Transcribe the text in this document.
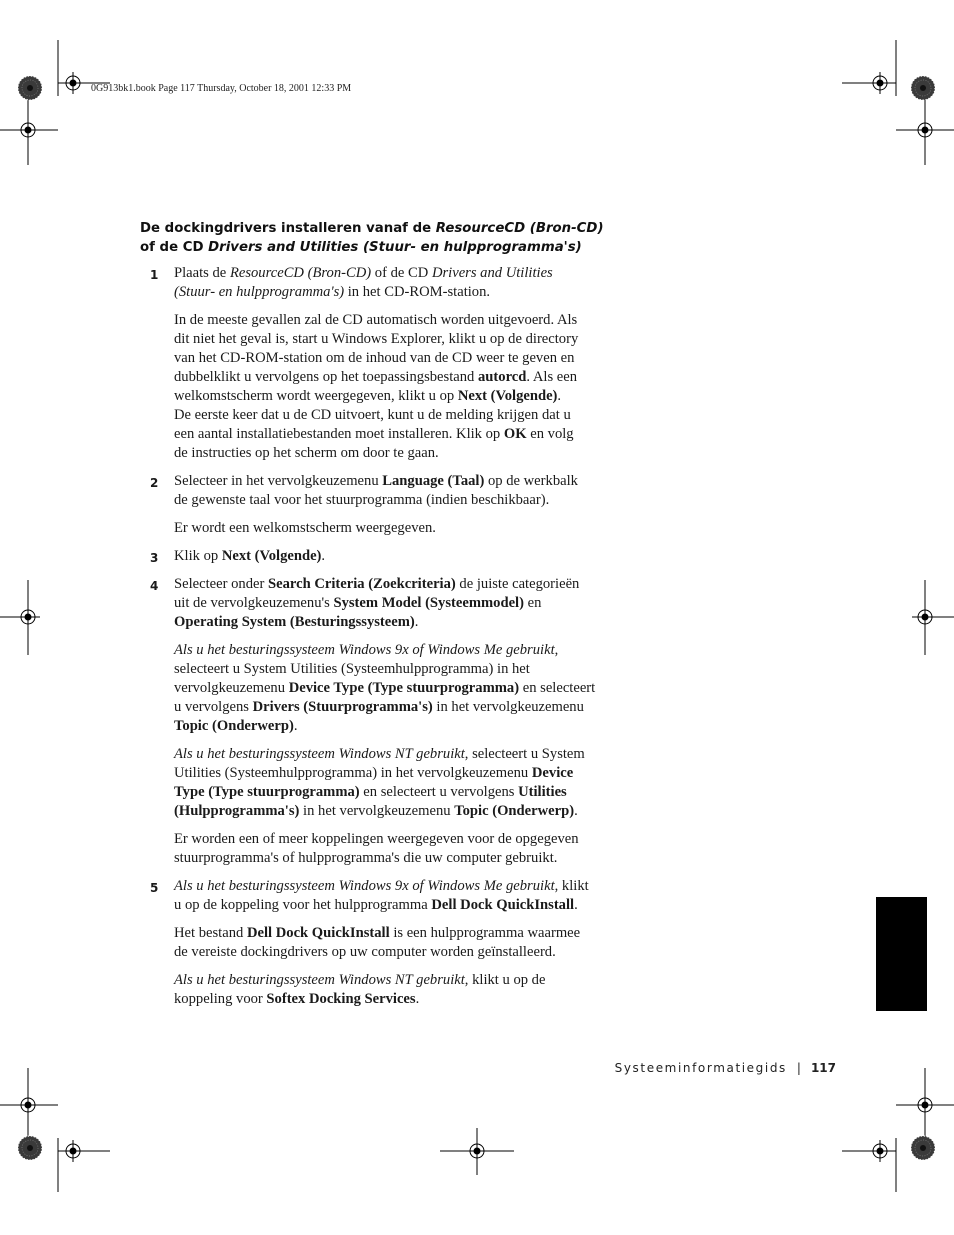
0G913bk1.book Page 117 Thursday, October 18, 2001 12:33 PM
De dockingdrivers installeren vanaf de ResourceCD (Bron-CD)
of de CD Drivers and Utilities (Stuur- en hulpprogramma's)
1 Plaats de ResourceCD (Bron-CD) of de CD Drivers and Utilities
(Stuur- en hulpprogramma's) in het CD-ROM-station.

In de meeste gevallen zal de CD automatisch worden uitgevoerd. Als
dit niet het geval is, start u Windows Explorer, klikt u op de directory
van het CD-ROM-station om de inhoud van de CD weer te geven en
dubbelklikt u vervolgens op het toepassingsbestand autorcd. Als een
welkomstscherm wordt weergegeven, klikt u op Next (Volgende).
De eerste keer dat u de CD uitvoert, kunt u de melding krijgen dat u
een aantal installatiebestanden moet installeren. Klik op OK en volg
de instructies op het scherm om door te gaan.

2 Selecteer in het vervolgkeuzemenu Language (Taal) op de werkbalk
de gewenste taal voor het stuurprogramma (indien beschikbaar).

Er wordt een welkomstscherm weergegeven.

3 Klik op Next (Volgende).

4 Selecteer onder Search Criteria (Zoekcriteria) de juiste categorieën
uit de vervolgkeuzemenu's System Model (Systeemmodel) en
Operating System (Besturingssysteem).

Als u het besturingssysteem Windows 9x of Windows Me gebruikt,
selecteert u System Utilities (Systeemhulpprogramma) in het
vervolgkeuzemenu Device Type (Type stuurprogramma) en selecteert
u vervolgens Drivers (Stuurprogramma's) in het vervolgkeuzemenu
Topic (Onderwerp).

Als u het besturingssysteem Windows NT gebruikt, selecteert u System
Utilities (Systeemhulpprogramma) in het vervolgkeuzemenu Device
Type (Type stuurprogramma) en selecteert u vervolgens Utilities
(Hulpprogramma's) in het vervolgkeuzemenu Topic (Onderwerp).

Er worden een of meer koppelingen weergegeven voor de opgegeven
stuurprogramma's of hulpprogramma's die uw computer gebruikt.

5 Als u het besturingssysteem Windows 9x of Windows Me gebruikt, klikt
u op de koppeling voor het hulpprogramma Dell Dock QuickInstall.

Het bestand Dell Dock QuickInstall is een hulpprogramma waarmee
de vereiste dockingdrivers op uw computer worden geïnstalleerd.

Als u het besturingssysteem Windows NT gebruikt, klikt u op de
koppeling voor Softex Docking Services.

Systeeminformatiegids | 117
